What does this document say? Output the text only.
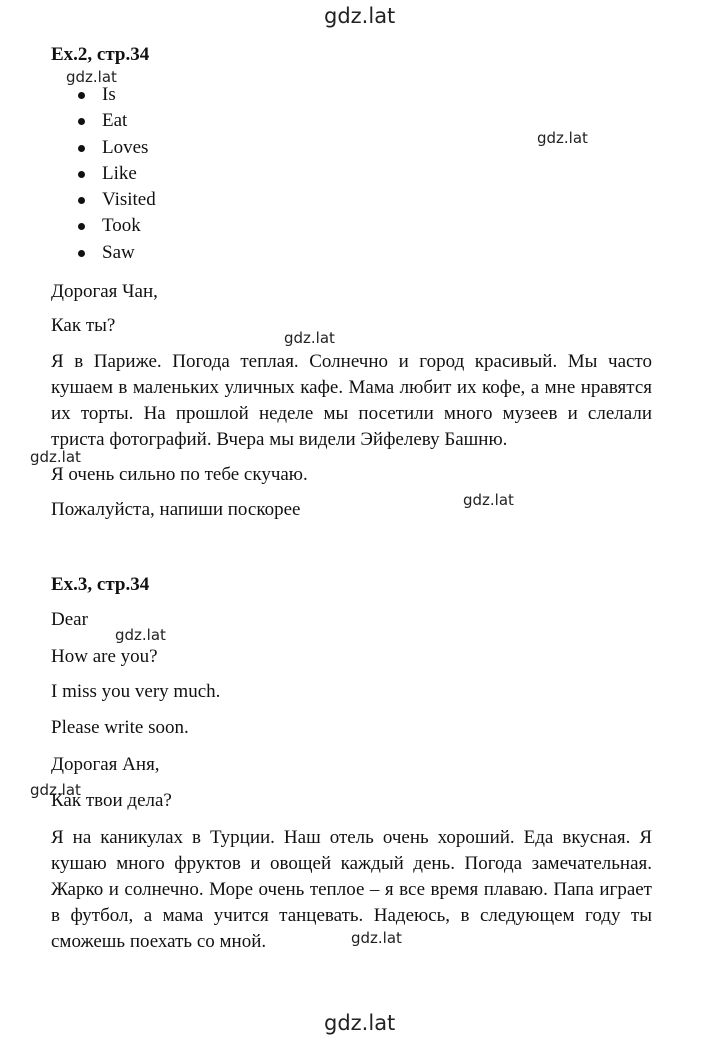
gdz.lat
gdz.lat
gdz.lat
gdz.lat
gdz.lat
gdz.lat
gdz.lat
gdz.lat
gdz.lat
Ex.2, стр.34
Is
Eat
Loves
Like
Visited
Took
Saw
Дорогая Чан,
Как ты?
Я в Париже. Погода теплая. Солнечно и город красивый. Мы часто кушаем в маленьких уличных кафе. Мама любит их кофе, а мне нравятся их торты. На прошлой неделе мы посетили много музеев и слелали триста фотографий. Вчера мы видели Эйфелеву Башню.
Я очень сильно по тебе скучаю.
Пожалуйста, напиши поскорее
Ex.3, стр.34
Dear
How are you?
I miss you very much.
Please write soon.
Дорогая Аня,
Как твои дела?
Я на каникулах в Турции. Наш отель очень хороший. Еда вкусная. Я кушаю много фруктов и овощей каждый день. Погода замечательная. Жарко и солнечно. Море очень теплое – я все время плаваю. Папа играет в футбол, а мама учится танцевать. Надеюсь, в следующем году ты сможешь поехать со мной.	gdz.lat
